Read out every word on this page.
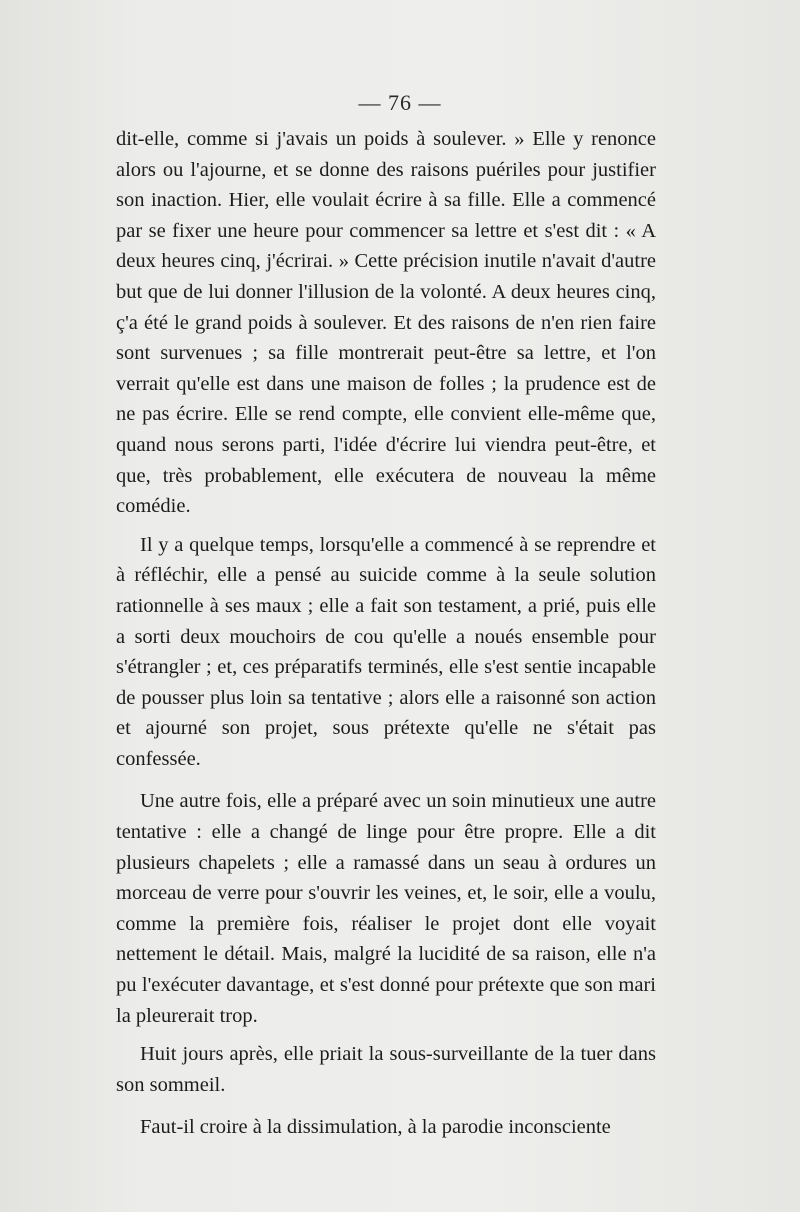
— 76 —

dit-elle, comme si j'avais un poids à soulever. » Elle y renonce alors ou l'ajourne, et se donne des raisons puériles pour justifier son inaction. Hier, elle voulait écrire à sa fille. Elle a commencé par se fixer une heure pour commencer sa lettre et s'est dit : « A deux heures cinq, j'écrirai. » Cette précision inutile n'avait d'autre but que de lui donner l'illusion de la volonté. A deux heures cinq, ç'a été le grand poids à soulever. Et des raisons de n'en rien faire sont survenues ; sa fille montrerait peut-être sa lettre, et l'on verrait qu'elle est dans une maison de folles ; la prudence est de ne pas écrire. Elle se rend compte, elle convient elle-même que, quand nous serons parti, l'idée d'écrire lui viendra peut-être, et que, très probablement, elle exécutera de nouveau la même comédie.

Il y a quelque temps, lorsqu'elle a commencé à se reprendre et à réfléchir, elle a pensé au suicide comme à la seule solution rationnelle à ses maux ; elle a fait son testament, a prié, puis elle a sorti deux mouchoirs de cou qu'elle a noués ensemble pour s'étrangler ; et, ces préparatifs terminés, elle s'est sentie incapable de pousser plus loin sa tentative ; alors elle a raisonné son action et ajourné son projet, sous prétexte qu'elle ne s'était pas confessée.

Une autre fois, elle a préparé avec un soin minutieux une autre tentative : elle a changé de linge pour être propre. Elle a dit plusieurs chapelets ; elle a ramassé dans un seau à ordures un morceau de verre pour s'ouvrir les veines, et, le soir, elle a voulu, comme la première fois, réaliser le projet dont elle voyait nettement le détail. Mais, malgré la lucidité de sa raison, elle n'a pu l'exécuter davantage, et s'est donné pour prétexte que son mari la pleurerait trop.

Huit jours après, elle priait la sous-surveillante de la tuer dans son sommeil.

Faut-il croire à la dissimulation, à la parodie inconsciente
